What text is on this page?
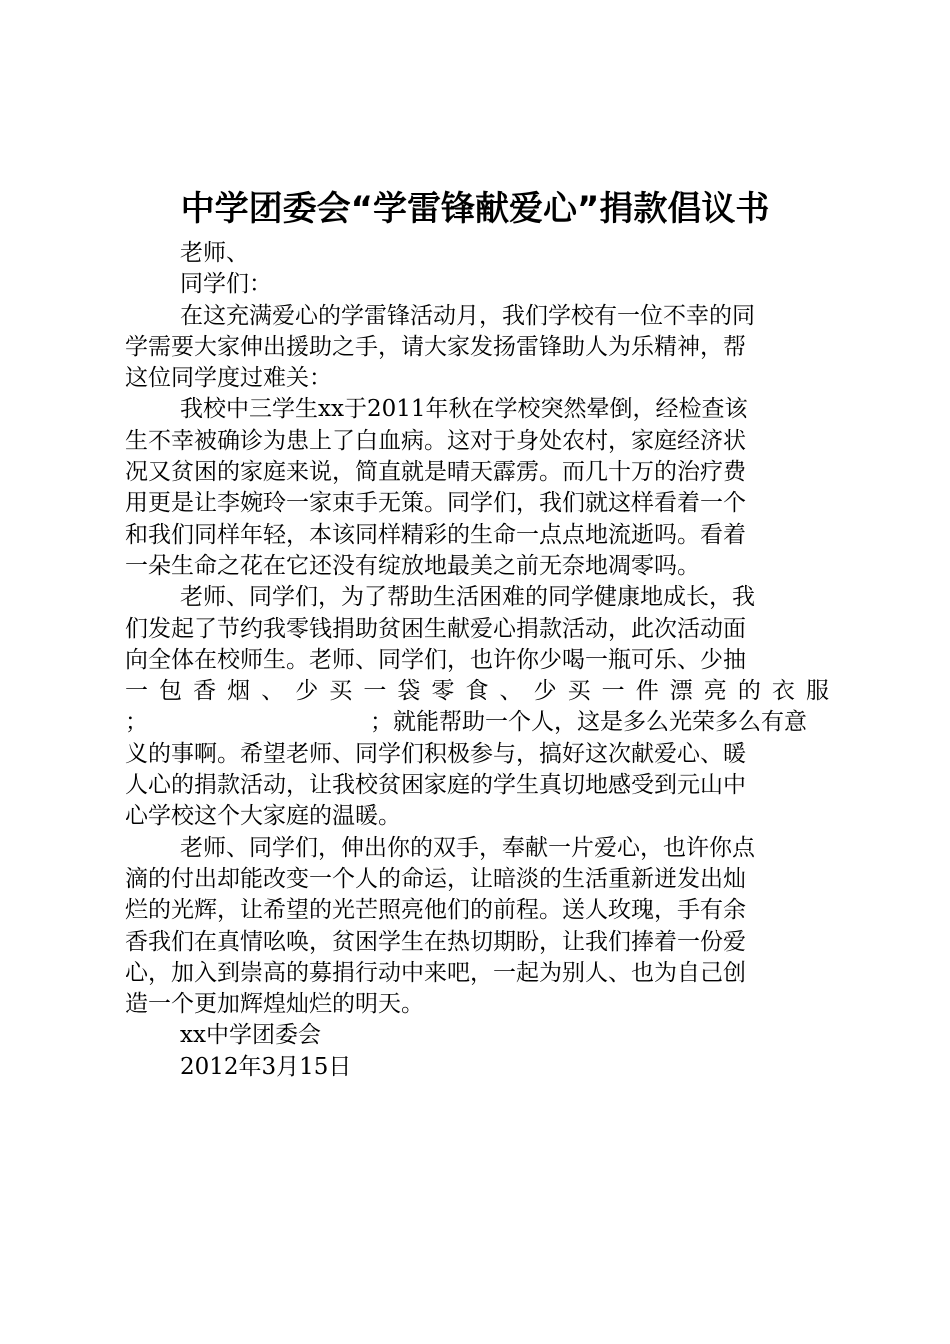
中学团委会“学雷锋献爱心”捐款倡议书
老师、
同学们：
在这充满爱心的学雷锋活动月，我们学校有一位不幸的同
学需要大家伸出援助之手，请大家发扬雷锋助人为乐精神，帮
这位同学度过难关：
我校中三学生xx于2011年秋在学校突然晕倒，经检查该
生不幸被确诊为患上了白血病。这对于身处农村，家庭经济状
况又贫困的家庭来说，简直就是晴天霹雳。而几十万的治疗费
用更是让李婉玲一家束手无策。同学们，我们就这样看着一个
和我们同样年轻，本该同样精彩的生命一点点地流逝吗。看着
一朵生命之花在它还没有绽放地最美之前无奈地凋零吗。
老师、同学们，为了帮助生活困难的同学健康地成长，我
们发起了节约我零钱捐助贫困生献爱心捐款活动，此次活动面
向全体在校师生。老师、同学们，也许你少喝一瓶可乐、少抽
一 包 香 烟 、 少 买 一 袋 零 食 、 少 买 一 件 漂 亮 的 衣 服
；	；就能帮助一个人，这是多么光荣多么有意
义的事啊。希望老师、同学们积极参与，搞好这次献爱心、暖
人心的捐款活动，让我校贫困家庭的学生真切地感受到元山中
心学校这个大家庭的温暖。
老师、同学们，伸出你的双手，奉献一片爱心，也许你点
滴的付出却能改变一个人的命运，让暗淡的生活重新迸发出灿
烂的光辉，让希望的光芒照亮他们的前程。送人玫瑰，手有余
香我们在真情吆唤，贫困学生在热切期盼，让我们捧着一份爱
心，加入到崇高的募捐行动中来吧，一起为别人、也为自己创
造一个更加辉煌灿烂的明天。
xx中学团委会
2012年3月15日
